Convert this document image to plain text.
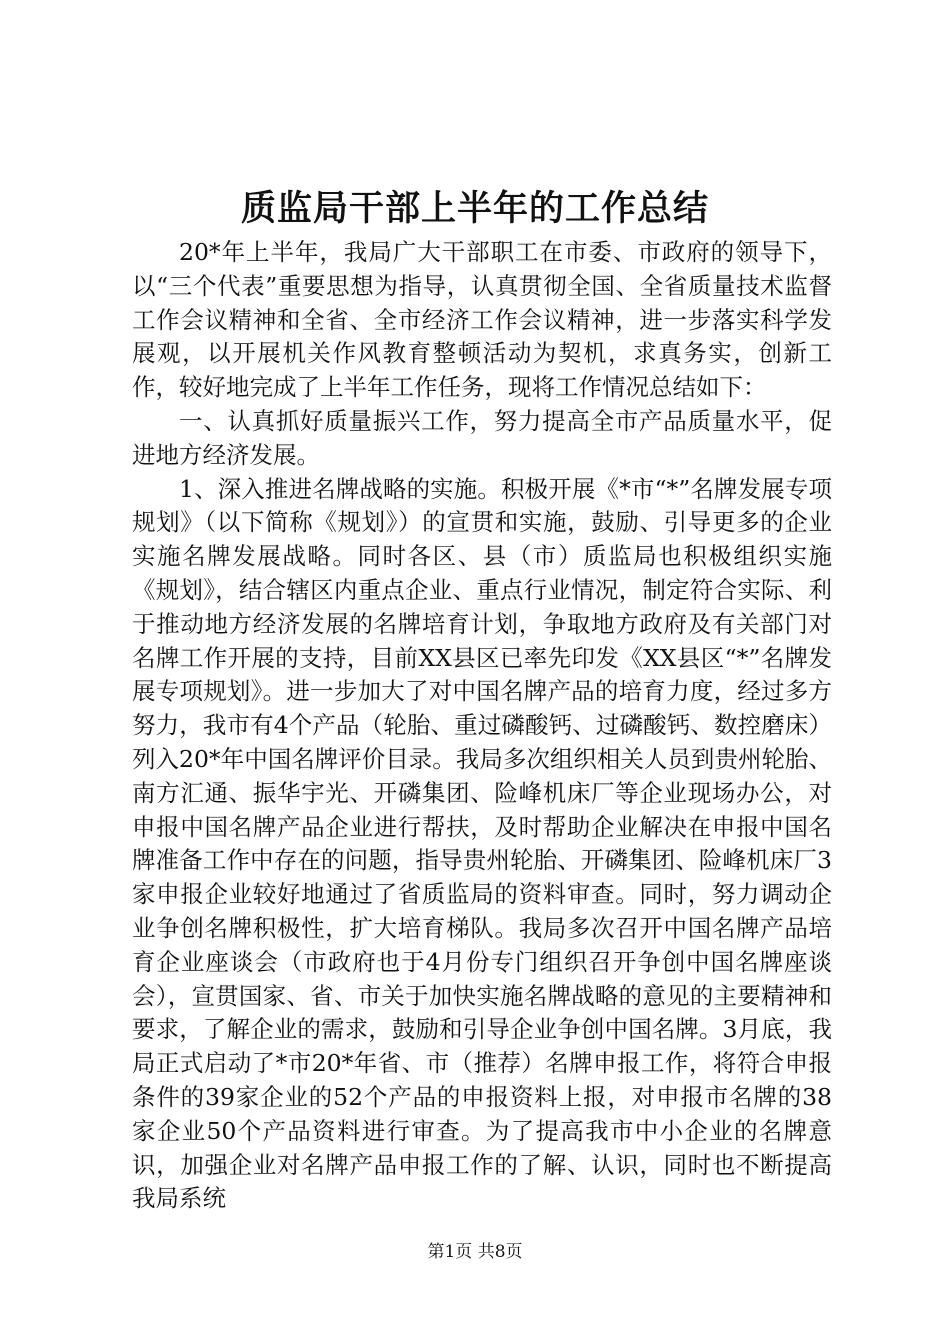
质监局干部上半年的工作总结

20*年上半年，我局广大干部职工在市委、市政府的领导下，以“三个代表”重要思想为指导，认真贯彻全国、全省质量技术监督工作会议精神和全省、全市经济工作会议精神，进一步落实科学发展观，以开展机关作风教育整顿活动为契机，求真务实，创新工作，较好地完成了上半年工作任务，现将工作情况总结如下：

一、认真抓好质量振兴工作，努力提高全市产品质量水平，促进地方经济发展。

1、深入推进名牌战略的实施。积极开展《*市“*”名牌发展专项规划》（以下简称《规划》）的宣贯和实施，鼓励、引导更多的企业实施名牌发展战略。同时各区、县（市）质监局也积极组织实施《规划》，结合辖区内重点企业、重点行业情况，制定符合实际、利于推动地方经济发展的名牌培育计划，争取地方政府及有关部门对名牌工作开展的支持，目前XX县区已率先印发《XX县区“*”名牌发展专项规划》。进一步加大了对中国名牌产品的培育力度，经过多方努力，我市有4个产品（轮胎、重过磷酸钙、过磷酸钙、数控磨床）列入20*年中国名牌评价目录。我局多次组织相关人员到贵州轮胎、南方汇通、振华宇光、开磷集团、险峰机床厂等企业现场办公，对申报中国名牌产品企业进行帮扶，及时帮助企业解决在申报中国名牌准备工作中存在的问题，指导贵州轮胎、开磷集团、险峰机床厂3家申报企业较好地通过了省质监局的资料审查。同时，努力调动企业争创名牌积极性，扩大培育梯队。我局多次召开中国名牌产品培育企业座谈会（市政府也于4月份专门组织召开争创中国名牌座谈会），宣贯国家、省、市关于加快实施名牌战略的意见的主要精神和要求，了解企业的需求，鼓励和引导企业争创中国名牌。3月底，我局正式启动了*市20*年省、市（推荐）名牌申报工作，将符合申报条件的39家企业的52个产品的申报资料上报，对申报市名牌的38家企业50个产品资料进行审查。为了提高我市中小企业的名牌意识，加强企业对名牌产品申报工作的了解、认识，同时也不断提高我局系统

第1页 共8页
